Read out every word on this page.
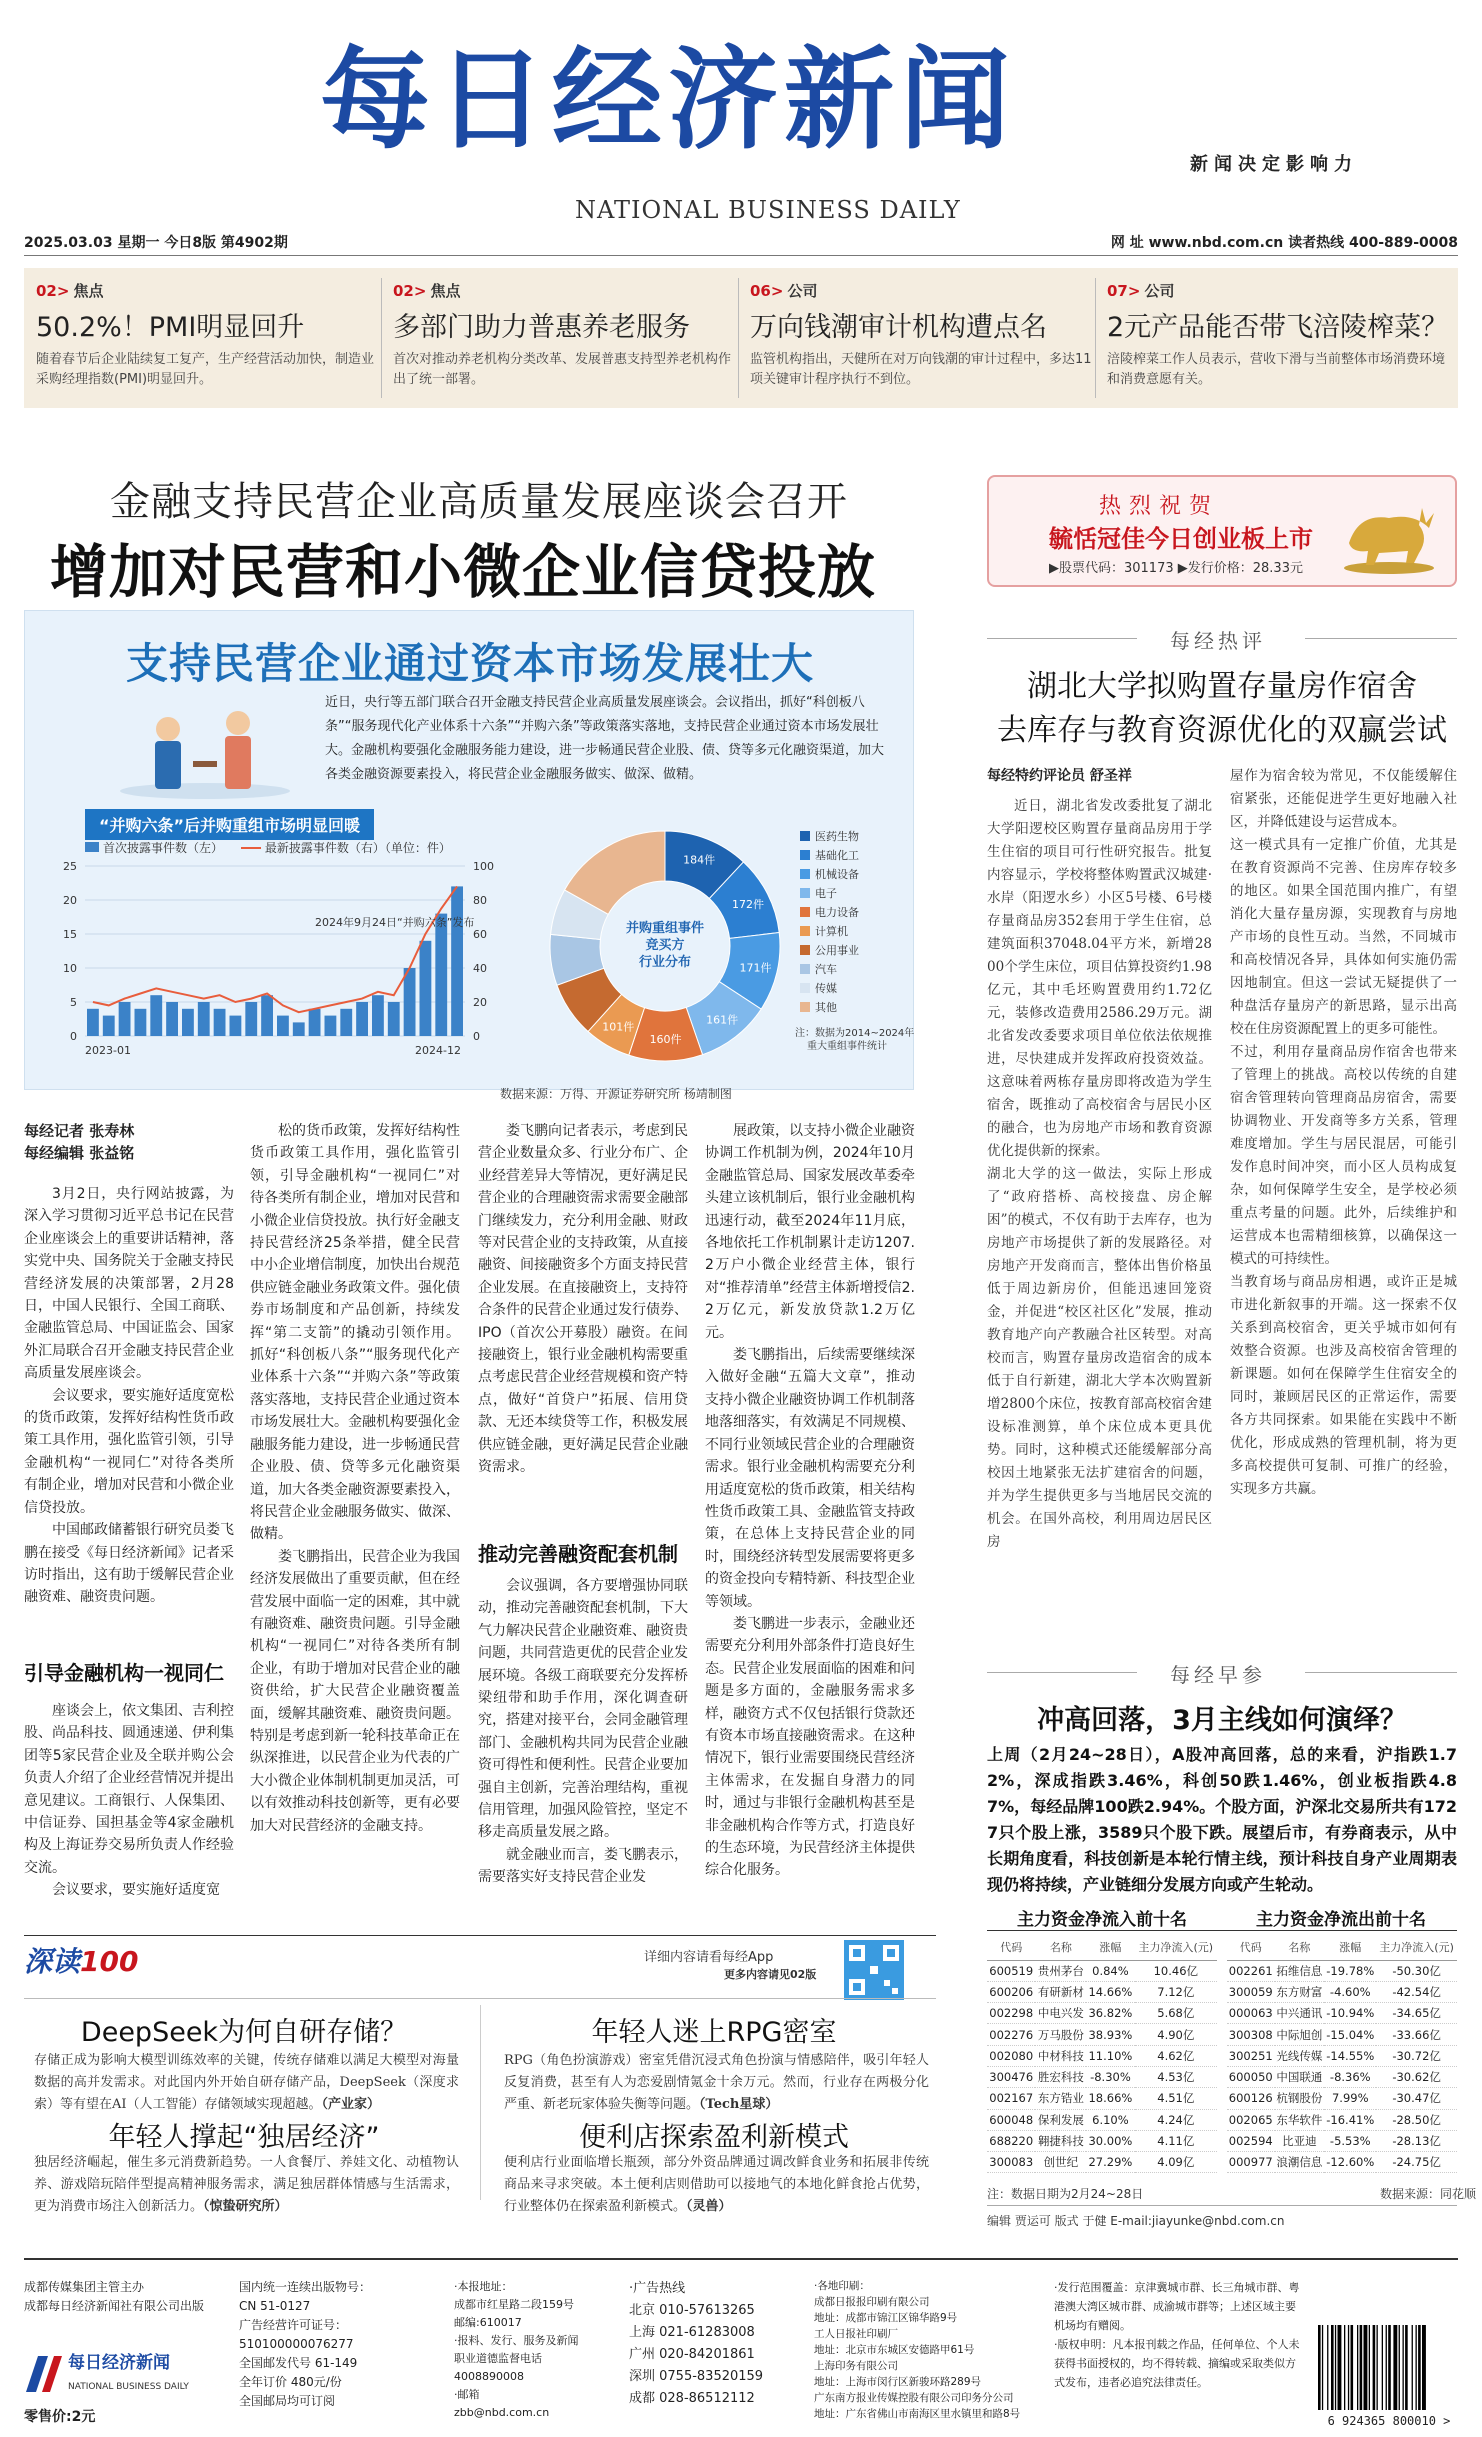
每日经济新闻
新闻决定影响力
NATIONAL BUSINESS DAILY
2025.03.03 星期一 今日8版 第4902期	网 址 www.nbd.com.cn 读者热线 400-889-0008
02> 焦点
50.2%！PMI明显回升
随着春节后企业陆续复工复产，生产经营活动加快，制造业采购经理指数(PMI)明显回升。
02> 焦点
多部门助力普惠养老服务
首次对推动养老机构分类改革、发展普惠支持型养老机构作出了统一部署。
06> 公司
万向钱潮审计机构遭点名
监管机构指出，天健所在对万向钱潮的审计过程中，多达11项关键审计程序执行不到位。
07> 公司
2元产品能否带飞涪陵榨菜？
涪陵榨菜工作人员表示，营收下滑与当前整体市场消费环境和消费意愿有关。
金融支持民营企业高质量发展座谈会召开
增加对民营和小微企业信贷投放
支持民营企业通过资本市场发展壮大
近日，央行等五部门联合召开金融支持民营企业高质量发展座谈会。会议指出，抓好“科创板八条”“服务现代化产业体系十六条”“并购六条”等政策落实落地，支持民营企业通过资本市场发展壮大。金融机构要强化金融服务能力建设，进一步畅通民营企业股、债、贷等多元化融资渠道，加大各类金融资源要素投入，将民营企业金融服务做实、做深、做精。
“并购六条”后并购重组市场明显回暖
首次披露事件数（左）	最新披露事件数（右）（单位：件）
0	0
5	20
10	40
15	60
20	80
25	100
2024年9月24日“并购六条”发布
2023-01	2024-12
184件
172件
171件
161件
160件
101件
并购重组事件
竞买方
行业分布
医药生物
基础化工
机械设备
电子
电力设备
计算机
公用事业
汽车
传媒
其他
注：数据为2014~2024年
重大重组事件统计
数据来源：万得、开源证券研究所 杨靖制图
每经记者 张寿林
每经编辑 张益铭
3月2日，央行网站披露，为深入学习贯彻习近平总书记在民营企业座谈会上的重要讲话精神，落实党中央、国务院关于金融支持民营经济发展的决策部署，2月28日，中国人民银行、全国工商联、金融监管总局、中国证监会、国家外汇局联合召开金融支持民营企业高质量发展座谈会。
会议要求，要实施好适度宽松的货币政策，发挥好结构性货币政策工具作用，强化监管引领，引导金融机构“一视同仁”对待各类所有制企业，增加对民营和小微企业信贷投放。
中国邮政储蓄银行研究员娄飞鹏在接受《每日经济新闻》记者采访时指出，这有助于缓解民营企业融资难、融资贵问题。
引导金融机构一视同仁
座谈会上，依文集团、吉利控股、尚品科技、圆通速递、伊利集团等5家民营企业及全联并购公会负责人介绍了企业经营情况并提出意见建议。工商银行、人保集团、中信证券、国担基金等4家金融机构及上海证券交易所负责人作经验交流。
会议要求，要实施好适度宽
松的货币政策，发挥好结构性货币政策工具作用，强化监管引领，引导金融机构“一视同仁”对待各类所有制企业，增加对民营和小微企业信贷投放。执行好金融支持民营经济25条举措，健全民营中小企业增信制度，加快出台规范供应链金融业务政策文件。强化债券市场制度和产品创新，持续发挥“第二支箭”的撬动引领作用。抓好“科创板八条”“服务现代化产业体系十六条”“并购六条”等政策落实落地，支持民营企业通过资本市场发展壮大。金融机构要强化金融服务能力建设，进一步畅通民营企业股、债、贷等多元化融资渠道，加大各类金融资源要素投入，将民营企业金融服务做实、做深、做精。
娄飞鹏指出，民营企业为我国经济发展做出了重要贡献，但在经营发展中面临一定的困难，其中就有融资难、融资贵问题。引导金融机构“一视同仁”对待各类所有制企业，有助于增加对民营企业的融资供给，扩大民营企业融资覆盖面，缓解其融资难、融资贵问题。特别是考虑到新一轮科技革命正在纵深推进，以民营企业为代表的广大小微企业体制机制更加灵活，可以有效推动科技创新等，更有必要加大对民营经济的金融支持。
娄飞鹏向记者表示，考虑到民营企业数量众多、行业分布广、企业经营差异大等情况，更好满足民营企业的合理融资需求需要金融部门继续发力，充分利用金融、财政等对民营企业的支持政策，从直接融资、间接融资多个方面支持民营企业发展。在直接融资上，支持符合条件的民营企业通过发行债券、IPO（首次公开募股）融资。在间接融资上，银行业金融机构需要重点考虑民营企业经营规模和资产特点，做好“首贷户”拓展、信用贷款、无还本续贷等工作，积极发展供应链金融，更好满足民营企业融资需求。
推动完善融资配套机制
会议强调，各方要增强协同联动，推动完善融资配套机制，下大气力解决民营企业融资难、融资贵问题，共同营造更优的民营企业发展环境。各级工商联要充分发挥桥梁纽带和助手作用，深化调查研究，搭建对接平台，会同金融管理部门、金融机构共同为民营企业融资可得性和便利性。民营企业要加强自主创新，完善治理结构，重视信用管理，加强风险管控，坚定不移走高质量发展之路。
就金融业而言，娄飞鹏表示，需要落实好支持民营企业发
展政策，以支持小微企业融资协调工作机制为例，2024年10月金融监管总局、国家发展改革委牵头建立该机制后，银行业金融机构迅速行动，截至2024年11月底，各地依托工作机制累计走访1207.2万户小微企业经营主体，银行对“推荐清单”经营主体新增授信2.2万亿元，新发放贷款1.2万亿元。
娄飞鹏指出，后续需要继续深入做好金融“五篇大文章”，推动支持小微企业融资协调工作机制落地落细落实，有效满足不同规模、不同行业领域民营企业的合理融资需求。银行业金融机构需要充分利用适度宽松的货币政策，相关结构性货币政策工具、金融监管支持政策，在总体上支持民营企业的同时，围绕经济转型发展需要将更多的资金投向专精特新、科技型企业等领域。
娄飞鹏进一步表示，金融业还需要充分利用外部条件打造良好生态。民营企业发展面临的困难和问题是多方面的，金融服务需求多样，融资方式不仅包括银行贷款还有资本市场直接融资需求。在这种情况下，银行业需要围绕民营经济主体需求，在发掘自身潜力的同时，通过与非银行金融机构甚至是非金融机构合作等方式，打造良好的生态环境，为民营经济主体提供综合化服务。
热烈祝贺
毓恬冠佳今日创业板上市
▶股票代码：301173 ▶发行价格：28.33元
每经热评
湖北大学拟购置存量房作宿舍
去库存与教育资源优化的双赢尝试
每经特约评论员 舒圣祥
近日，湖北省发改委批复了湖北大学阳逻校区购置存量商品房用于学生住宿的项目可行性研究报告。批复内容显示，学校将整体购置武汉城建·水岸（阳逻水乡）小区5号楼、6号楼存量商品房352套用于学生住宿，总建筑面积37048.04平方米，新增2800个学生床位，项目估算投资约1.98亿元，其中毛坯购置费用约1.72亿元，装修改造费用2586.29万元。湖北省发改委要求项目单位依法依规推进，尽快建成并发挥政府投资效益。这意味着两栋存量房即将改造为学生宿舍，既推动了高校宿舍与居民小区的融合，也为房地产市场和教育资源优化提供新的探索。
湖北大学的这一做法，实际上形成了“政府搭桥、高校接盘、房企解困”的模式，不仅有助于去库存，也为房地产市场提供了新的发展路径。对房地产开发商而言，整体出售价格虽低于周边新房价，但能迅速回笼资金，并促进“校区社区化”发展，推动教育地产向产教融合社区转型。对高校而言，购置存量房改造宿舍的成本低于自行新建，湖北大学本次购置新增2800个床位，按教育部高校宿舍建设标准测算，单个床位成本更具优势。同时，这种模式还能缓解部分高校因土地紧张无法扩建宿舍的问题，并为学生提供更多与当地居民交流的机会。在国外高校，利用周边居民区房
屋作为宿舍较为常见，不仅能缓解住宿紧张，还能促进学生更好地融入社区，并降低建设与运营成本。
这一模式具有一定推广价值，尤其是在教育资源尚不完善、住房库存较多的地区。如果全国范围内推广，有望消化大量存量房源，实现教育与房地产市场的良性互动。当然，不同城市和高校情况各异，具体如何实施仍需因地制宜。但这一尝试无疑提供了一种盘活存量房产的新思路，显示出高校在住房资源配置上的更多可能性。
不过，利用存量商品房作宿舍也带来了管理上的挑战。高校以传统的自建宿舍管理转向管理商品房宿舍，需要协调物业、开发商等多方关系，管理难度增加。学生与居民混居，可能引发作息时间冲突，而小区人员构成复杂，如何保障学生安全，是学校必须重点考量的问题。此外，后续维护和运营成本也需精细核算，以确保这一模式的可持续性。
当教育场与商品房相遇，或许正是城市进化新叙事的开端。这一探索不仅关系到高校宿舍，更关乎城市如何有效整合资源。也涉及高校宿舍管理的新课题。如何在保障学生住宿安全的同时，兼顾居民区的正常运作，需要各方共同探索。如果能在实践中不断优化，形成成熟的管理机制，将为更多高校提供可复制、可推广的经验，实现多方共赢。
每经早参
冲高回落，3月主线如何演绎？
上周（2月24~28日），A股冲高回落，总的来看，沪指跌1.72%，深成指跌3.46%，科创50跌1.46%，创业板指跌4.87%，每经品牌100跌2.94%。个股方面，沪深北交易所共有1727只个股上涨，3589只个股下跌。展望后市，有券商表示，从中长期角度看，科技创新是本轮行情主线，预计科技自身产业周期表现仍将持续，产业链细分发展方向或产生轮动。
主力资金净流入前十名	主力资金净流出前十名
代码	名称	涨幅	主力净流入(元)
600519	贵州茅台	0.84%	10.46亿
600206	有研新材	14.66%	7.12亿
002298	中电兴发	36.82%	5.68亿
002276	万马股份	38.93%	4.90亿
002080	中材科技	11.10%	4.62亿
300476	胜宏科技	-8.30%	4.53亿
002167	东方锆业	18.66%	4.51亿
600048	保利发展	6.10%	4.24亿
688220	翱捷科技	30.00%	4.11亿
300083	创世纪	27.29%	4.09亿
代码	名称	涨幅	主力净流入(元)
002261	拓维信息	-19.78%	-50.30亿
300059	东方财富	-4.60%	-42.54亿
000063	中兴通讯	-10.94%	-34.65亿
300308	中际旭创	-15.04%	-33.66亿
300251	光线传媒	-14.55%	-30.72亿
600050	中国联通	-8.36%	-30.62亿
600126	杭钢股份	7.99%	-30.47亿
002065	东华软件	-16.41%	-28.50亿
002594	比亚迪	-5.53%	-28.13亿
000977	浪潮信息	-12.60%	-24.75亿
注：数据日期为2月24~28日	数据来源：同花顺
编辑 贾运可 版式 于健 E-mail:jiayunke@nbd.com.cn
深读100	详细内容请看每经App
更多内容请见02版
DeepSeek为何自研存储？
存储正成为影响大模型训练效率的关键，传统存储难以满足大模型对海量数据的高并发需求。对此国内外开始自研存储产品，DeepSeek（深度求索）等有望在AI（人工智能）存储领域实现超越。（产业家）
年轻人迷上RPG密室
RPG（角色扮演游戏）密室凭借沉浸式角色扮演与情感陪伴，吸引年轻人反复消费，甚至有人为恋爱剧情氪金十余万元。然而，行业存在两极分化严重、新老玩家体验失衡等问题。（Tech星球）
年轻人撑起“独居经济”
独居经济崛起，催生多元消费新趋势。一人食餐厅、养娃文化、动植物认养、游戏陪玩陪伴型提高精神服务需求，满足独居群体情感与生活需求，更为消费市场注入创新活力。（惊蛰研究所）
便利店探索盈利新模式
便利店行业面临增长瓶颈，部分外资品牌通过调改鲜食业务和拓展非传统商品来寻求突破。本土便利店则借助可以接地气的本地化鲜食抢占优势，行业整体仍在探索盈利新模式。（灵兽）
成都传媒集团主管主办
成都每日经济新闻社有限公司出版
零售价:2元
每日经济新闻
NATIONAL BUSINESS DAILY
国内统一连续出版物号：
CN 51-0127
广告经营许可证号：510100000076277
全国邮发代号 61-149
全年订价 480元/份
全国邮局均可订阅
·本报地址：
成都市红星路二段159号
邮编:610017
·报料、发行、服务及新闻
职业道德监督电话
4008890008
·邮箱
zbb@nbd.com.cn
·广告热线
北京 010-57613265
上海 021-61283008
广州 020-84201861
深圳 0755-83520159
成都 028-86512112
·各地印刷：
成都日报报印刷有限公司
地址：成都市锦江区锦华路9号
工人日报社印刷厂
地址：北京市东城区安德路甲61号
上海印务有限公司
地址：上海市闵行区新骏环路289号
广东南方报业传媒控股有限公司印务分公司
地址：广东省佛山市南海区里水镇里和路8号
·发行范围覆盖：京津冀城市群、长三角城市群、粤港澳大湾区城市群、成渝城市群等；上述区域主要机场均有赠阅。
·版权申明：凡本报刊载之作品，任何单位、个人未获得书面授权的，均不得转载、摘编或采取类似方式发布，违者必追究法律责任。
6 924365 800010 >
